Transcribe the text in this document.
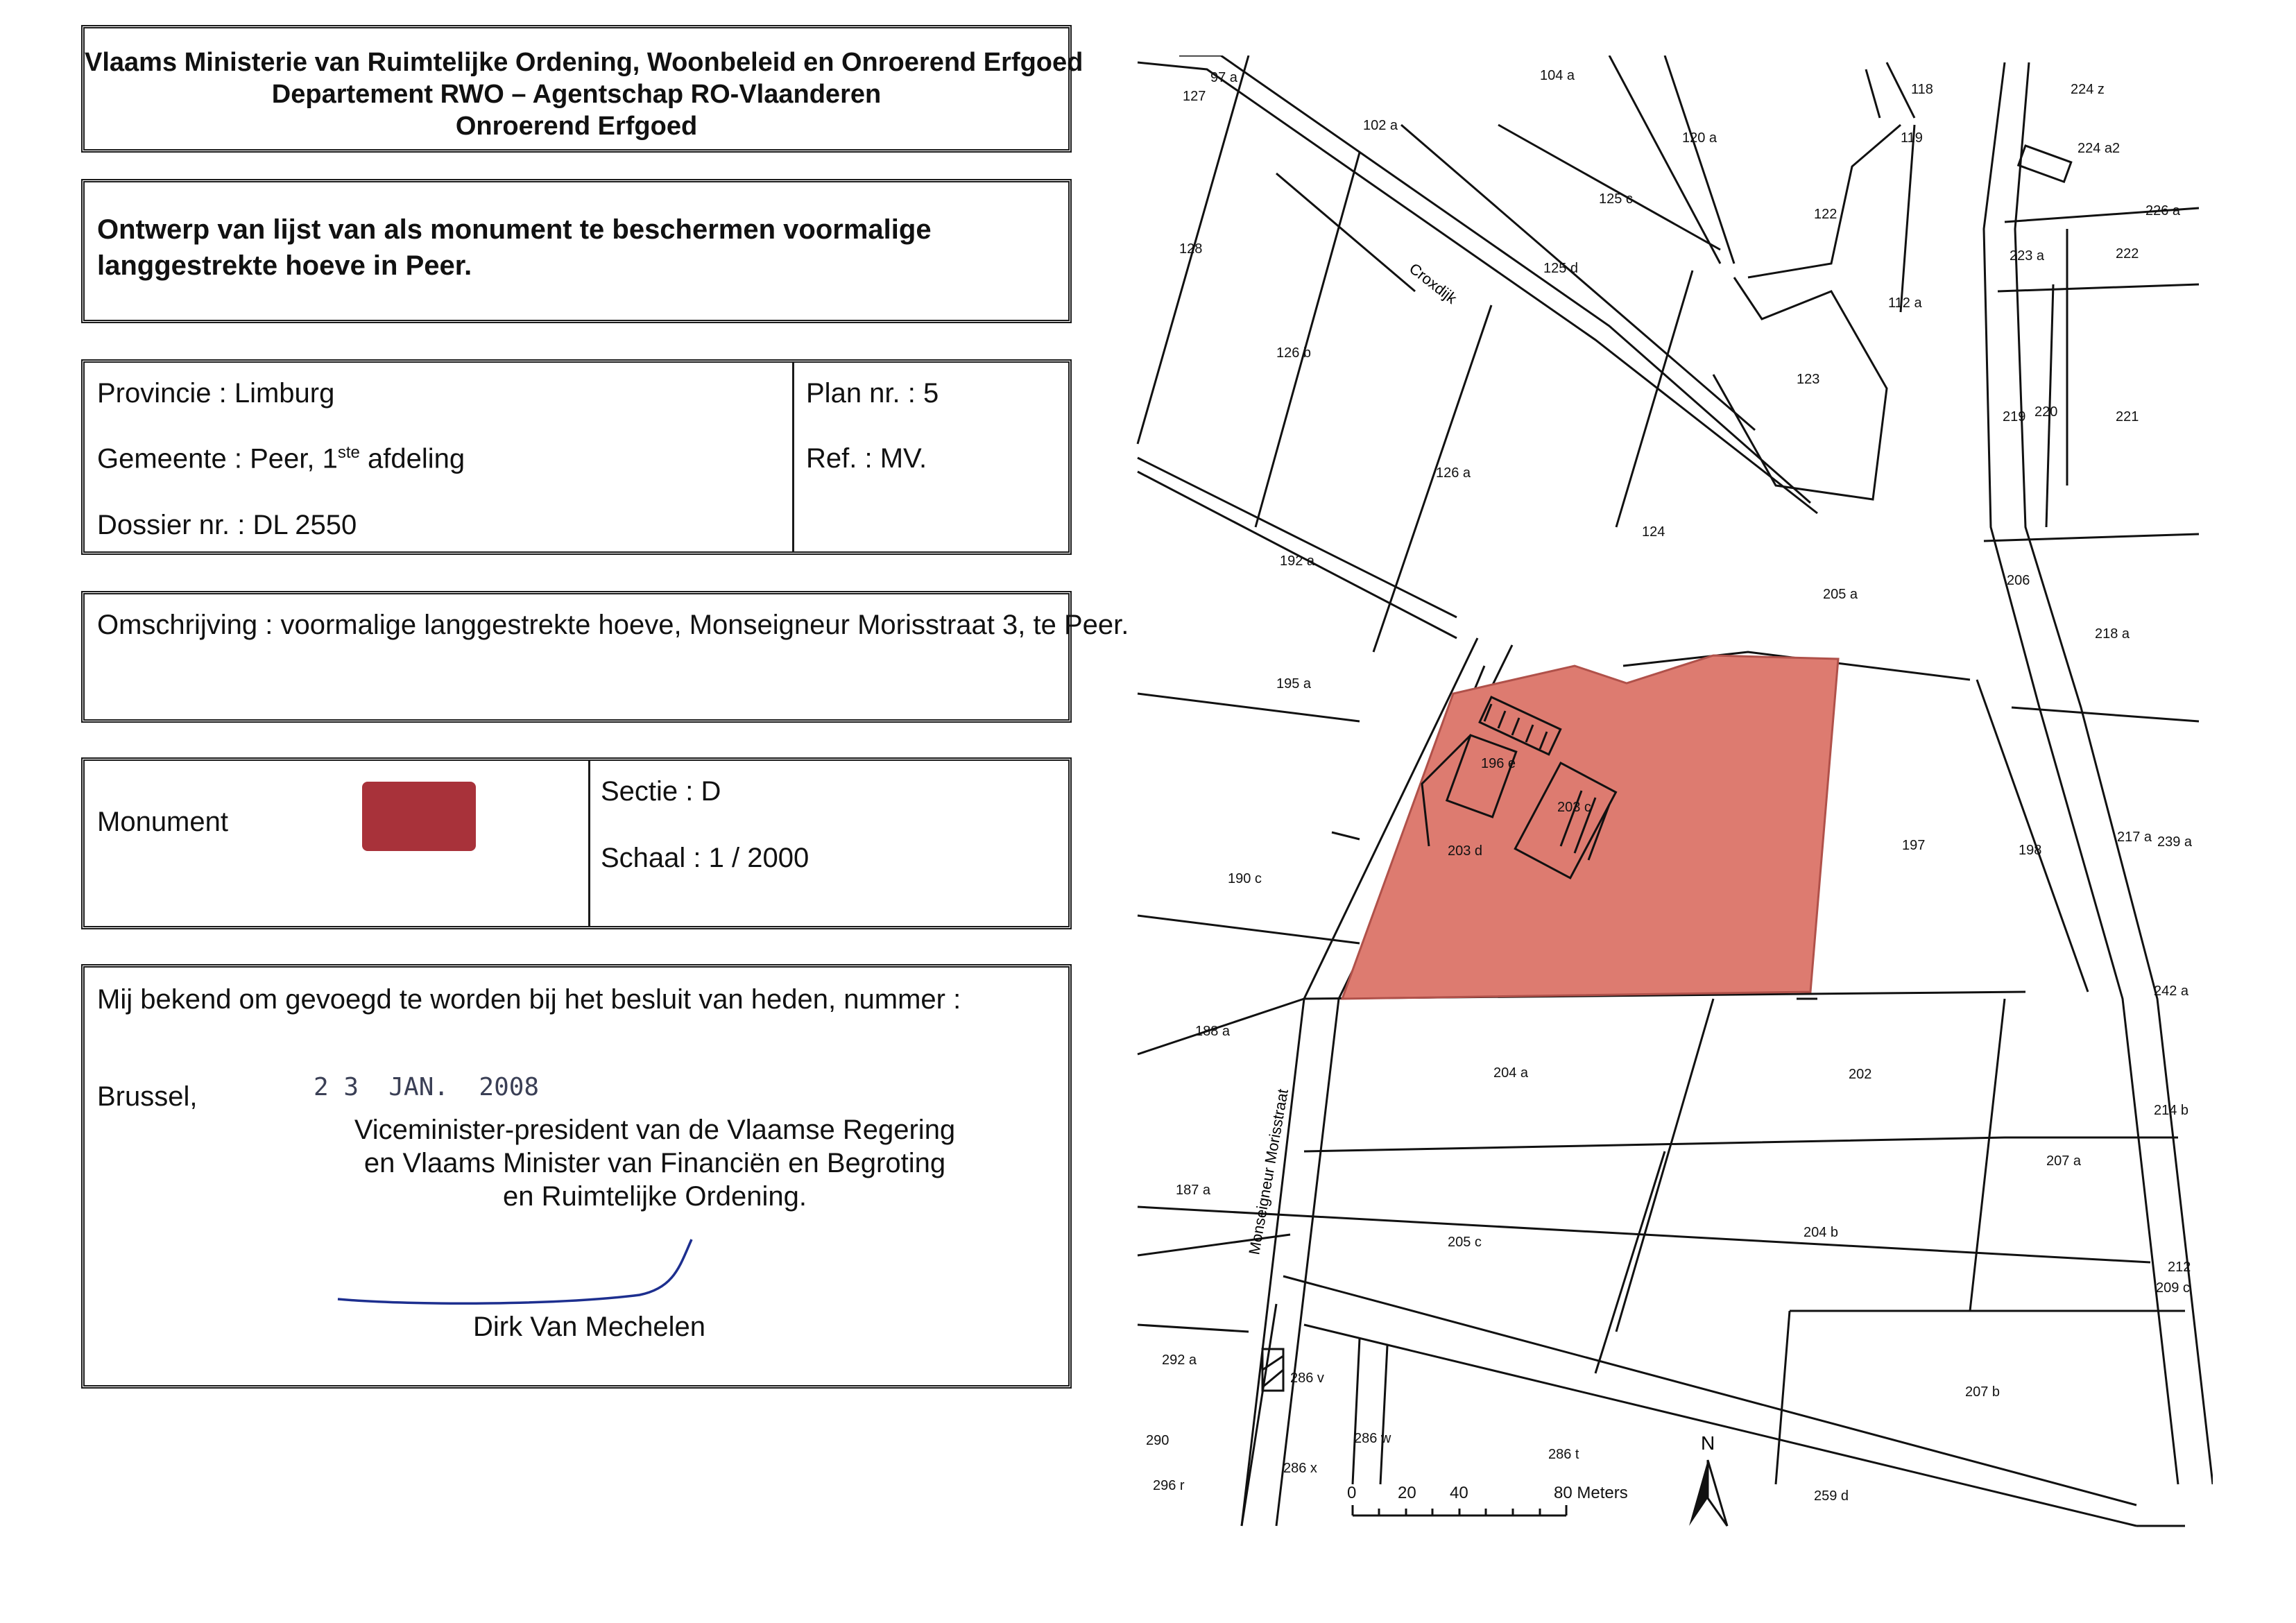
Vlaams Ministerie van Ruimtelijke Ordening, Woonbeleid en Onroerend Erfgoed
Departement RWO – Agentschap RO-Vlaanderen
Onroerend Erfgoed
Ontwerp van lijst van als monument te beschermen voormalige langgestrekte hoeve in Peer.
Provincie : Limburg
Gemeente : Peer, 1ste afdeling
Dossier nr. : DL 2550
Plan nr. : 5
Ref. : MV.
Omschrijving : voormalige langgestrekte hoeve, Monseigneur Morisstraat 3, te Peer.
Monument
Sectie : D
Schaal : 1 / 2000
Mij bekend om gevoegd te worden bij het besluit van heden, nummer :
Brussel,	2 3  JAN.  2008
Viceminister-president van de Vlaamse Regering
en Vlaams Minister van Financiën en Begroting
en Ruimtelijke Ordening.
Dirk Van Mechelen
Croxdijk
Monseigneur Morisstraat
97 a
127
104 a
118	224 z
102 a
120 a	119
224 a2
125 c
226 a
128
122
223 a	222
125 d
112 a
126 b
123
219 220	221
126 a
124
192 a
206
205 a
218 a
195 a
196 e
203 c
203 d	197	198
217 a 239 a
190 c
242 a
188 a
204 a	202
214 b
207 a
187 a
204 b
205 c
212
209 c
292 a
286 v
207 b
290	286 w
286 t
286 x
296 r
259 d
0 20 40	80 Meters
N
